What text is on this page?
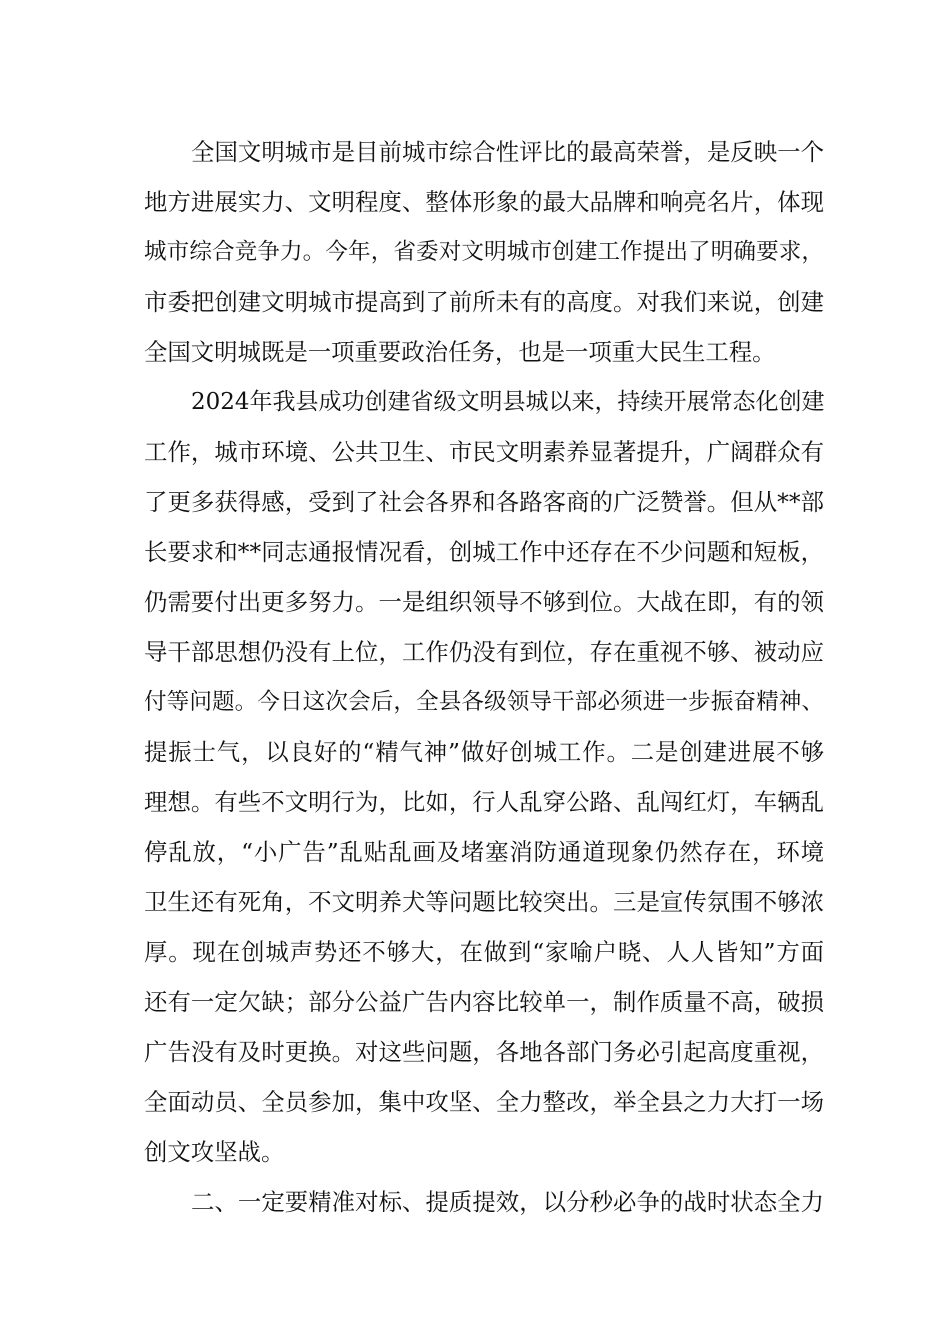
全国文明城市是目前城市综合性评比的最高荣誉，是反映一个
地方进展实力、文明程度、整体形象的最大品牌和响亮名片，体现
城市综合竞争力。今年，省委对文明城市创建工作提出了明确要求，
市委把创建文明城市提高到了前所未有的高度。对我们来说，创建
全国文明城既是一项重要政治任务，也是一项重大民生工程。
2024年我县成功创建省级文明县城以来，持续开展常态化创建
工作，城市环境、公共卫生、市民文明素养显著提升，广阔群众有
了更多获得感，受到了社会各界和各路客商的广泛赞誉。但从**部
长要求和**同志通报情况看，创城工作中还存在不少问题和短板，
仍需要付出更多努力。一是组织领导不够到位。大战在即，有的领
导干部思想仍没有上位，工作仍没有到位，存在重视不够、被动应
付等问题。今日这次会后，全县各级领导干部必须进一步振奋精神、
提振士气，以良好的“精气神”做好创城工作。二是创建进展不够
理想。有些不文明行为，比如，行人乱穿公路、乱闯红灯，车辆乱
停乱放，“小广告”乱贴乱画及堵塞消防通道现象仍然存在，环境
卫生还有死角，不文明养犬等问题比较突出。三是宣传氛围不够浓
厚。现在创城声势还不够大，在做到“家喻户晓、人人皆知”方面
还有一定欠缺；部分公益广告内容比较单一，制作质量不高，破损
广告没有及时更换。对这些问题，各地各部门务必引起高度重视，
全面动员、全员参加，集中攻坚、全力整改，举全县之力大打一场
创文攻坚战。
二、一定要精准对标、提质提效，以分秒必争的战时状态全力
